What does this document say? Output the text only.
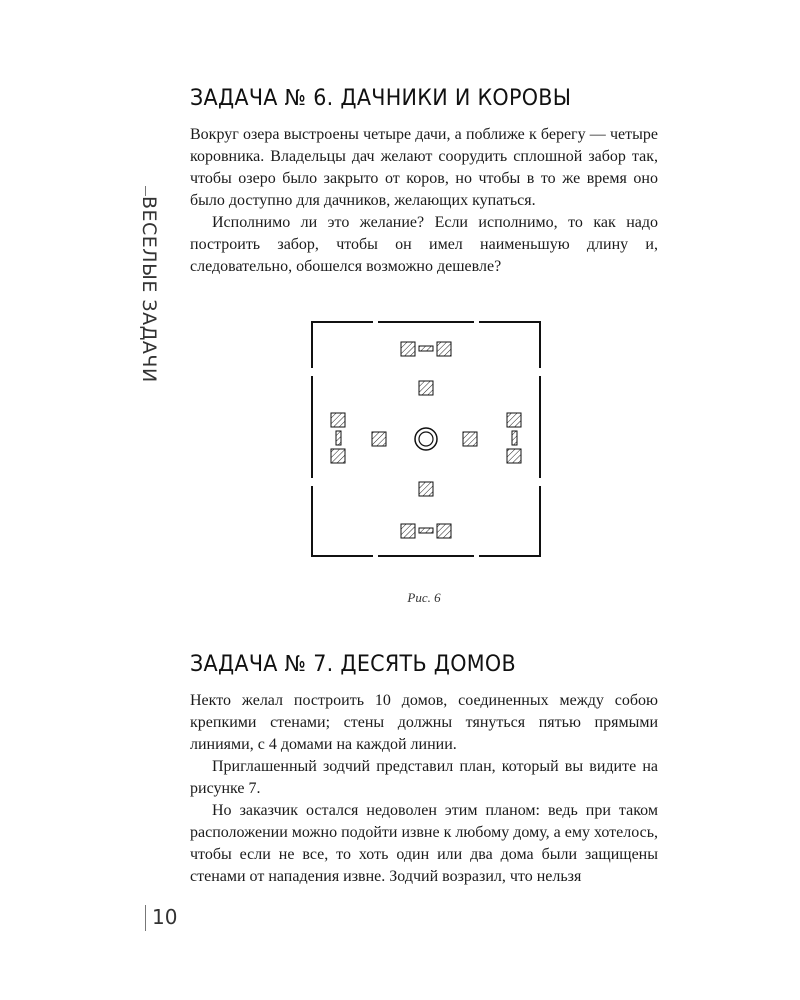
ВЕСЕЛЫЕ ЗАДАЧИ
ЗАДАЧА № 6. ДАЧНИКИ И КОРОВЫ

Вокруг озера выстроены четыре дачи, а поближе к берегу — четыре коровника. Владельцы дач желают соорудить сплошной забор так, чтобы озеро было закрыто от коров, но чтобы в то же время оно было доступно для дачников, желающих купаться.

Исполнимо ли это желание? Если исполнимо, то как надо построить забор, чтобы он имел наименьшую длину и, следовательно, обошелся возможно дешевле?

Рис. 6
ЗАДАЧА № 7. ДЕСЯТЬ ДОМОВ

Некто желал построить 10 домов, соединенных между собою крепкими стенами; стены должны тянуться пятью прямыми линиями, с 4 домами на каждой линии.

Приглашенный зодчий представил план, который вы видите на рисунке 7.

Но заказчик остался недоволен этим планом: ведь при таком расположении можно подойти извне к любому дому, а ему хотелось, чтобы если не все, то хоть один или два дома были защищены стенами от нападения извне. Зодчий возразил, что нельзя

10
